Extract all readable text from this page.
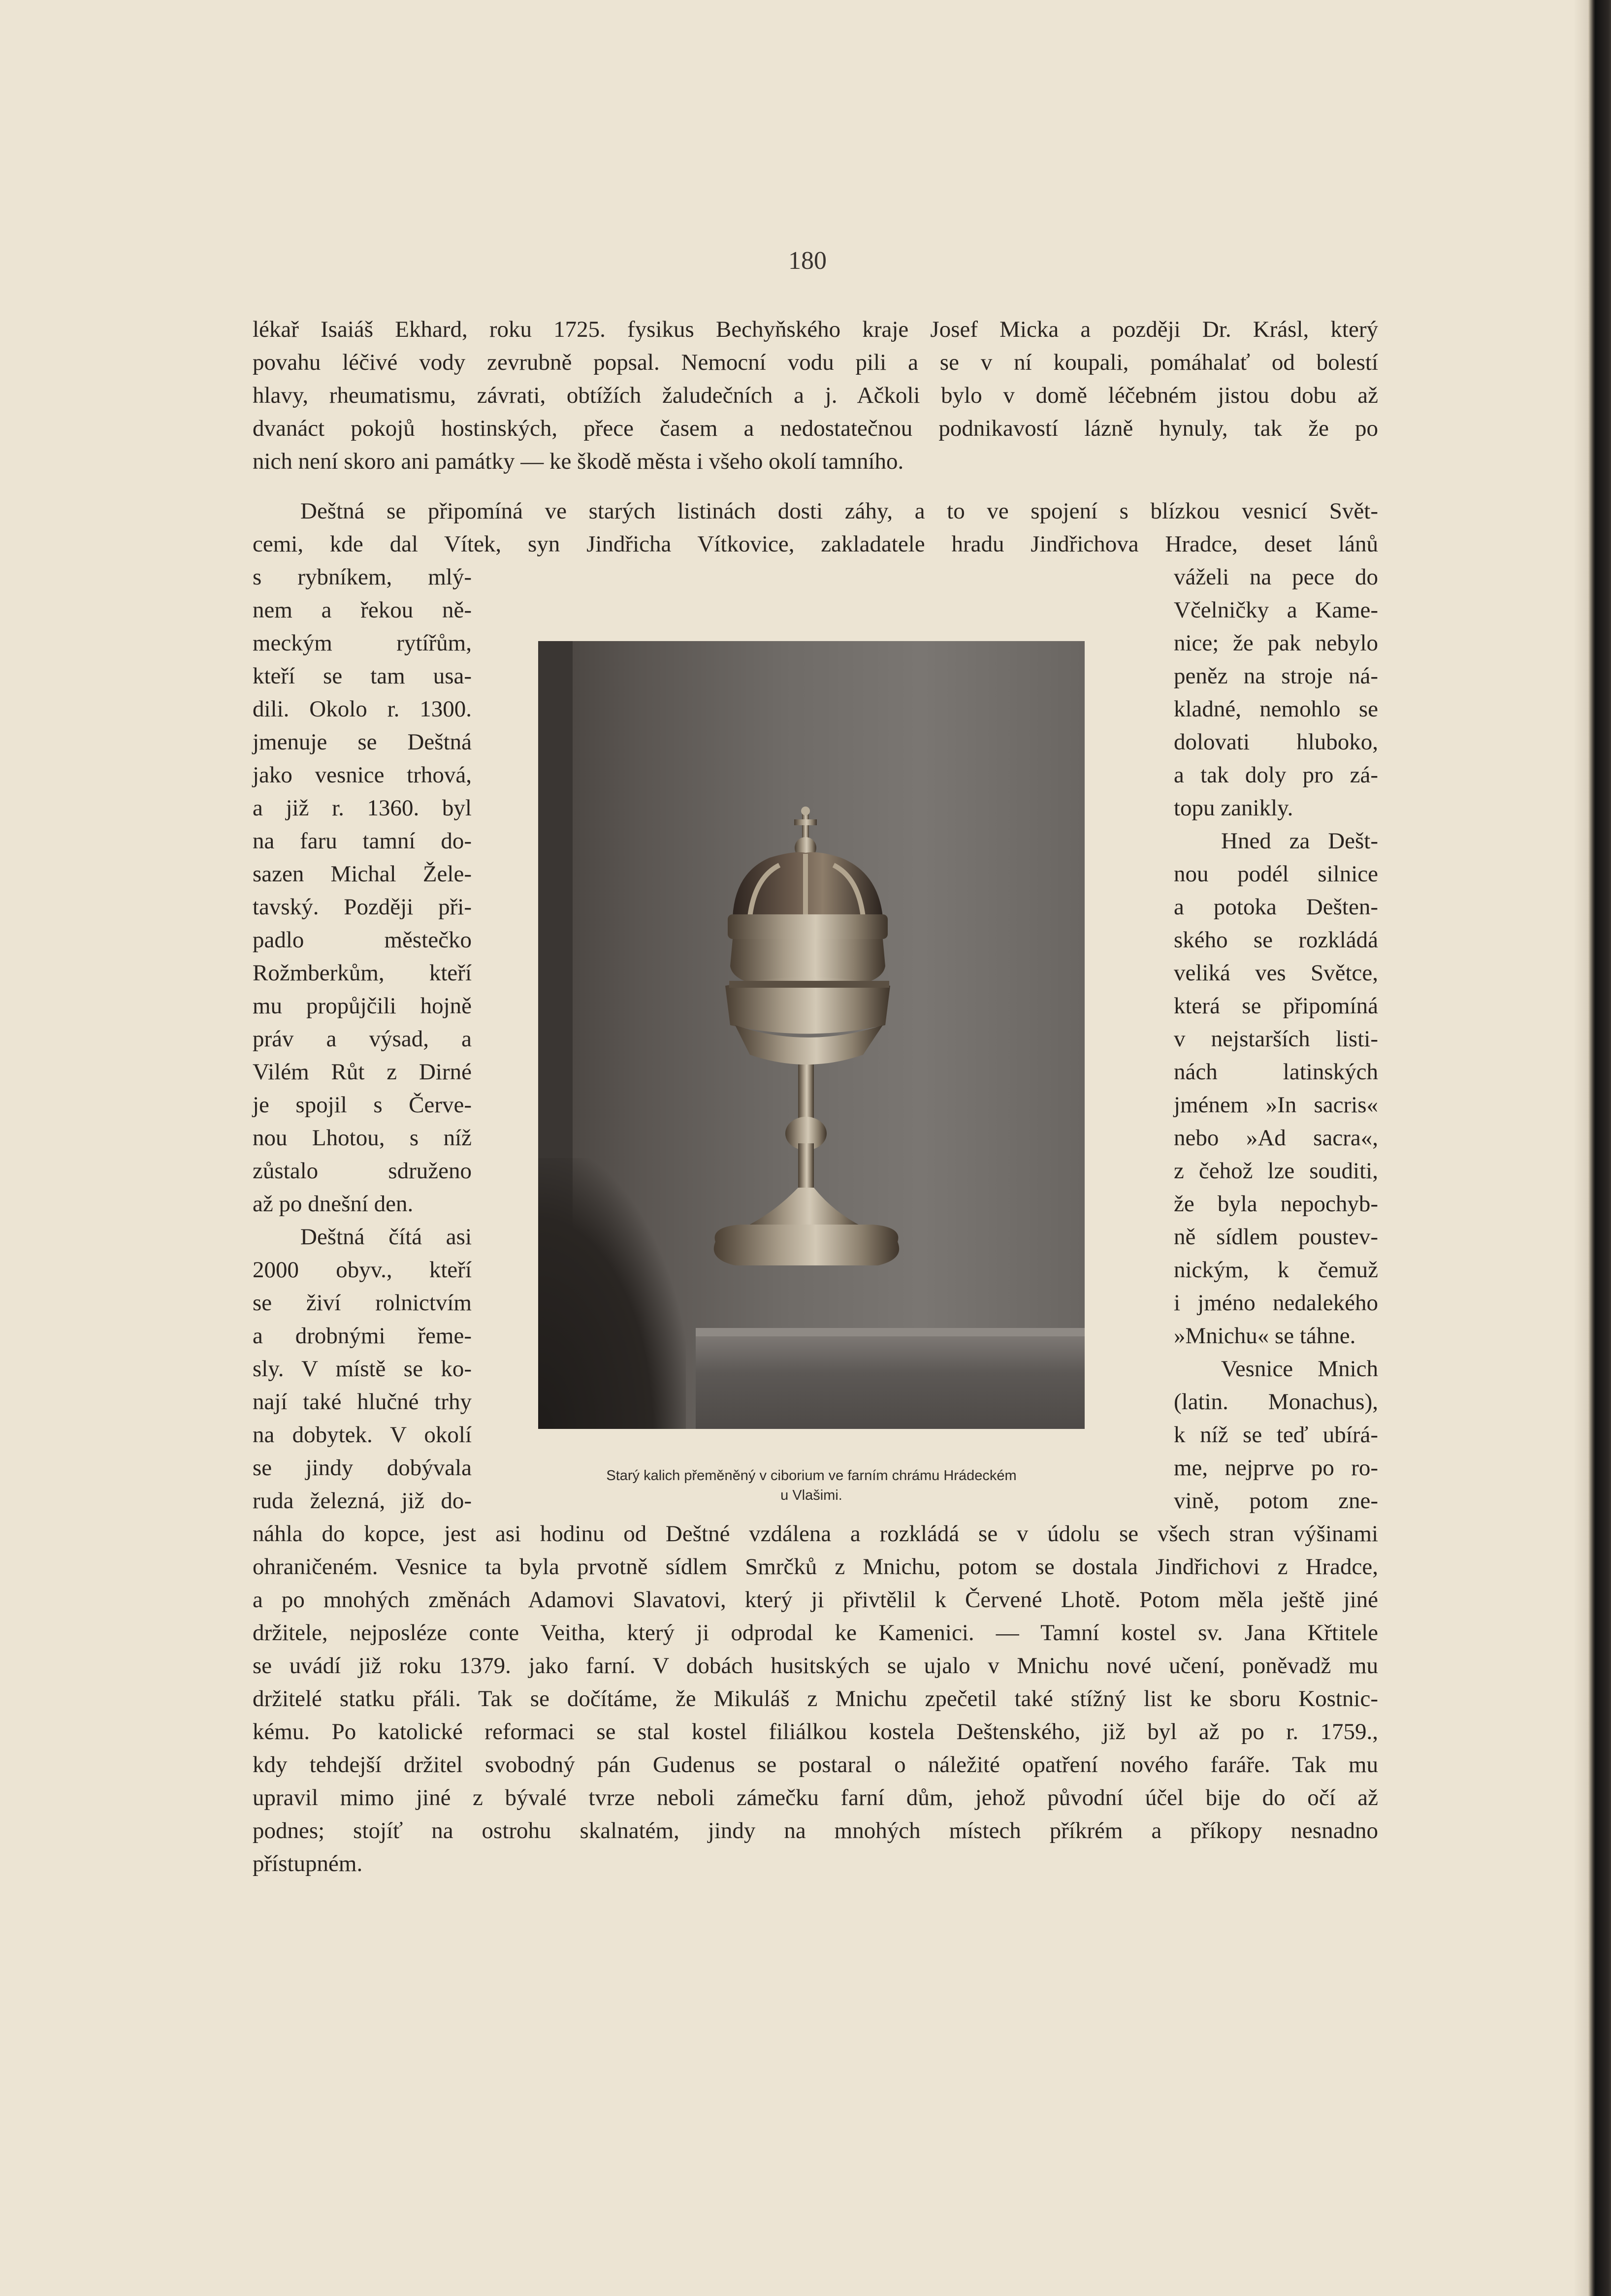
180
lékař Isaiáš Ekhard, roku 1725. fysikus Bechyňského kraje Josef Micka a později Dr. Krásl, který
povahu léčivé vody zevrubně popsal. Nemocní vodu pili a se v ní koupali, pomáhalať od bolestí
hlavy, rheumatismu, závrati, obtížích žaludečních a j. Ačkoli bylo v domě léčebném jistou dobu až
dvanáct pokojů hostinských, přece časem a nedostatečnou podnikavostí lázně hynuly, tak že po
nich není skoro ani památky — ke škodě města i všeho okolí tamního.
Deštná se připomíná ve starých listinách dosti záhy, a to ve spojení s blízkou vesnicí Svět-
cemi, kde dal Vítek, syn Jindřicha Vítkovice, zakladatele hradu Jindřichova Hradce, deset lánů
s rybníkem, mlý-
nem a řekou ně-
meckým rytířům,
kteří se tam usa-
dili. Okolo r. 1300.
jmenuje se Deštná
jako vesnice trhová,
a již r. 1360. byl
na faru tamní do-
sazen Michal Žele-
tavský. Později při-
padlo městečko
Rožmberkům, kteří
mu propůjčili hojně
práv a výsad, a
Vilém Růt z Dirné
je spojil s Červe-
nou Lhotou, s níž
zůstalo sdruženo
až po dnešní den.
Deštná čítá asi
2000 obyv., kteří
se živí rolnictvím
a drobnými řeme-
sly. V místě se ko-
nají také hlučné trhy
na dobytek. V okolí
se jindy dobývala
ruda železná, již do-
váželi na pece do
Včelničky a Kame-
nice; že pak nebylo
peněz na stroje ná-
kladné, nemohlo se
dolovati hluboko,
a tak doly pro zá-
topu zanikly.
Hned za Dešt-
nou podél silnice
a potoka Dešten-
ského se rozkládá
veliká ves Světce,
která se připomíná
v nejstarších listi-
nách latinských
jménem »In sacris«
nebo »Ad sacra«,
z čehož lze souditi,
že byla nepochyb-
ně sídlem poustev-
nickým, k čemuž
i jméno nedalekého
»Mnichu« se táhne.
Vesnice Mnich
(latin. Monachus),
k níž se teď ubírá-
me, nejprve po ro-
vině, potom zne-
Starý kalich přeměněný v ciborium ve farním chrámu Hrádeckém
u Vlašimi.
náhla do kopce, jest asi hodinu od Deštné vzdálena a rozkládá se v údolu se všech stran výšinami
ohraničeném. Vesnice ta byla prvotně sídlem Smrčků z Mnichu, potom se dostala Jindřichovi z Hradce,
a po mnohých změnách Adamovi Slavatovi, který ji přivtělil k Červené Lhotě. Potom měla ještě jiné
držitele, nejposléze conte Veitha, který ji odprodal ke Kamenici. — Tamní kostel sv. Jana Křtitele
se uvádí již roku 1379. jako farní. V dobách husitských se ujalo v Mnichu nové učení, poněvadž mu
držitelé statku přáli. Tak se dočítáme, že Mikuláš z Mnichu zpečetil také stížný list ke sboru Kostnic-
kému. Po katolické reformaci se stal kostel filiálkou kostela Deštenského, již byl až po r. 1759.,
kdy tehdejší držitel svobodný pán Gudenus se postaral o náležité opatření nového faráře. Tak mu
upravil mimo jiné z bývalé tvrze neboli zámečku farní dům, jehož původní účel bije do očí až
podnes; stojíť na ostrohu skalnatém, jindy na mnohých místech příkrém a příkopy nesnadno
přístupném.
